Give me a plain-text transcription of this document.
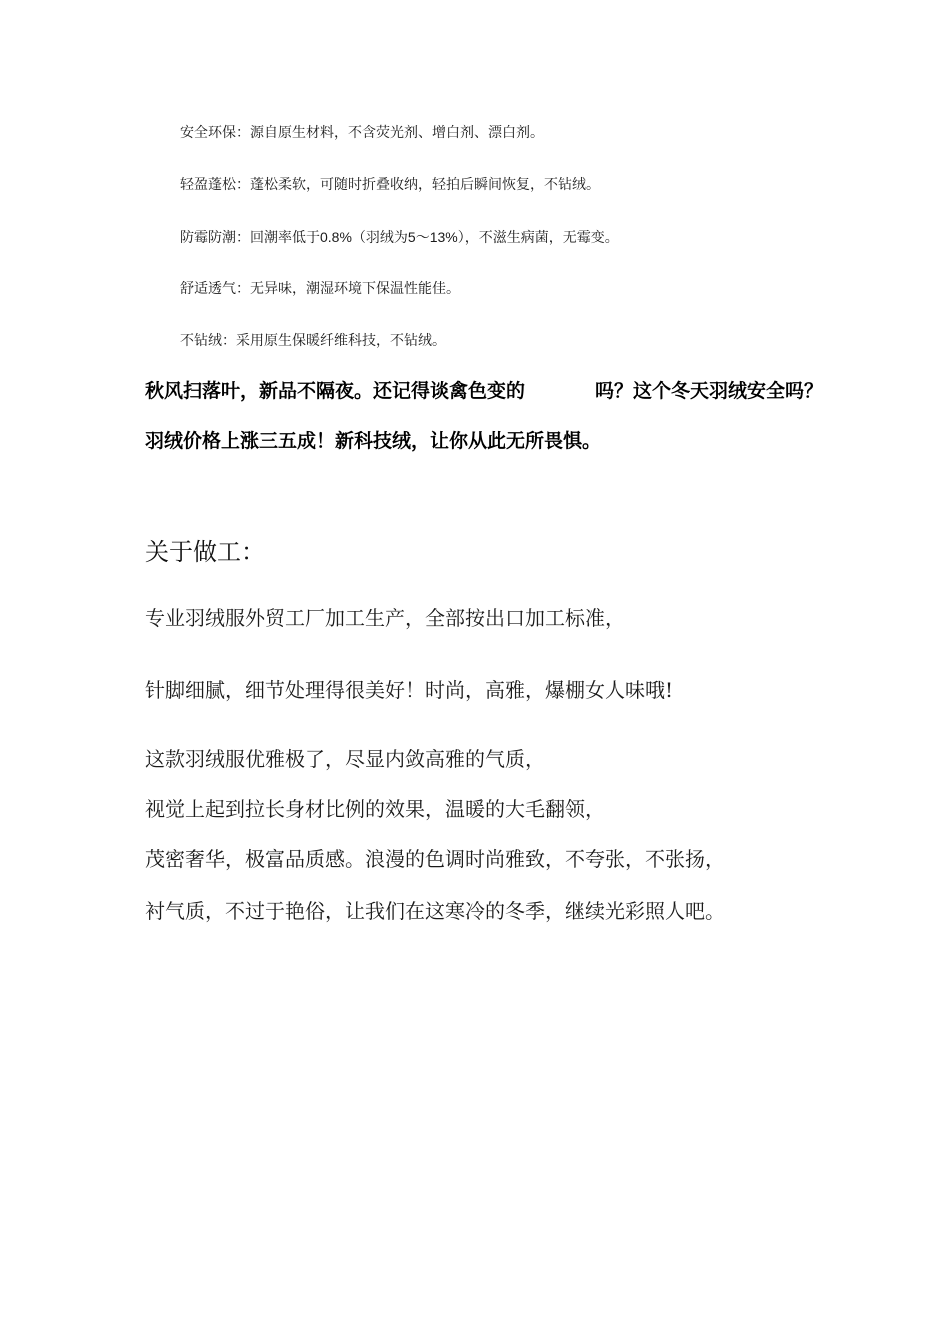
安全环保：源自原生材料，不含荧光剂、增白剂、漂白剂。
轻盈蓬松：蓬松柔软，可随时折叠收纳，轻拍后瞬间恢复，不钻绒。
防霉防潮：回潮率低于0.8%（羽绒为5～13%），不滋生病菌，无霉变。
舒适透气：无异味，潮湿环境下保温性能佳。
不钻绒：采用原生保暖纤维科技，不钻绒。

秋风扫落叶，新品不隔夜。还记得谈禽色变的	吗？这个冬天羽绒安全吗？羽绒价格上涨三五成！新科技绒，让你从此无所畏惧。

关于做工：

专业羽绒服外贸工厂加工生产，全部按出口加工标准，

针脚细腻，细节处理得很美好！时尚，高雅，爆棚女人味哦!

这款羽绒服优雅极了，尽显内敛高雅的气质，

视觉上起到拉长身材比例的效果，温暖的大毛翻领，

茂密奢华，极富品质感。浪漫的色调时尚雅致，不夸张，不张扬，

衬气质，不过于艳俗，让我们在这寒冷的冬季，继续光彩照人吧。
